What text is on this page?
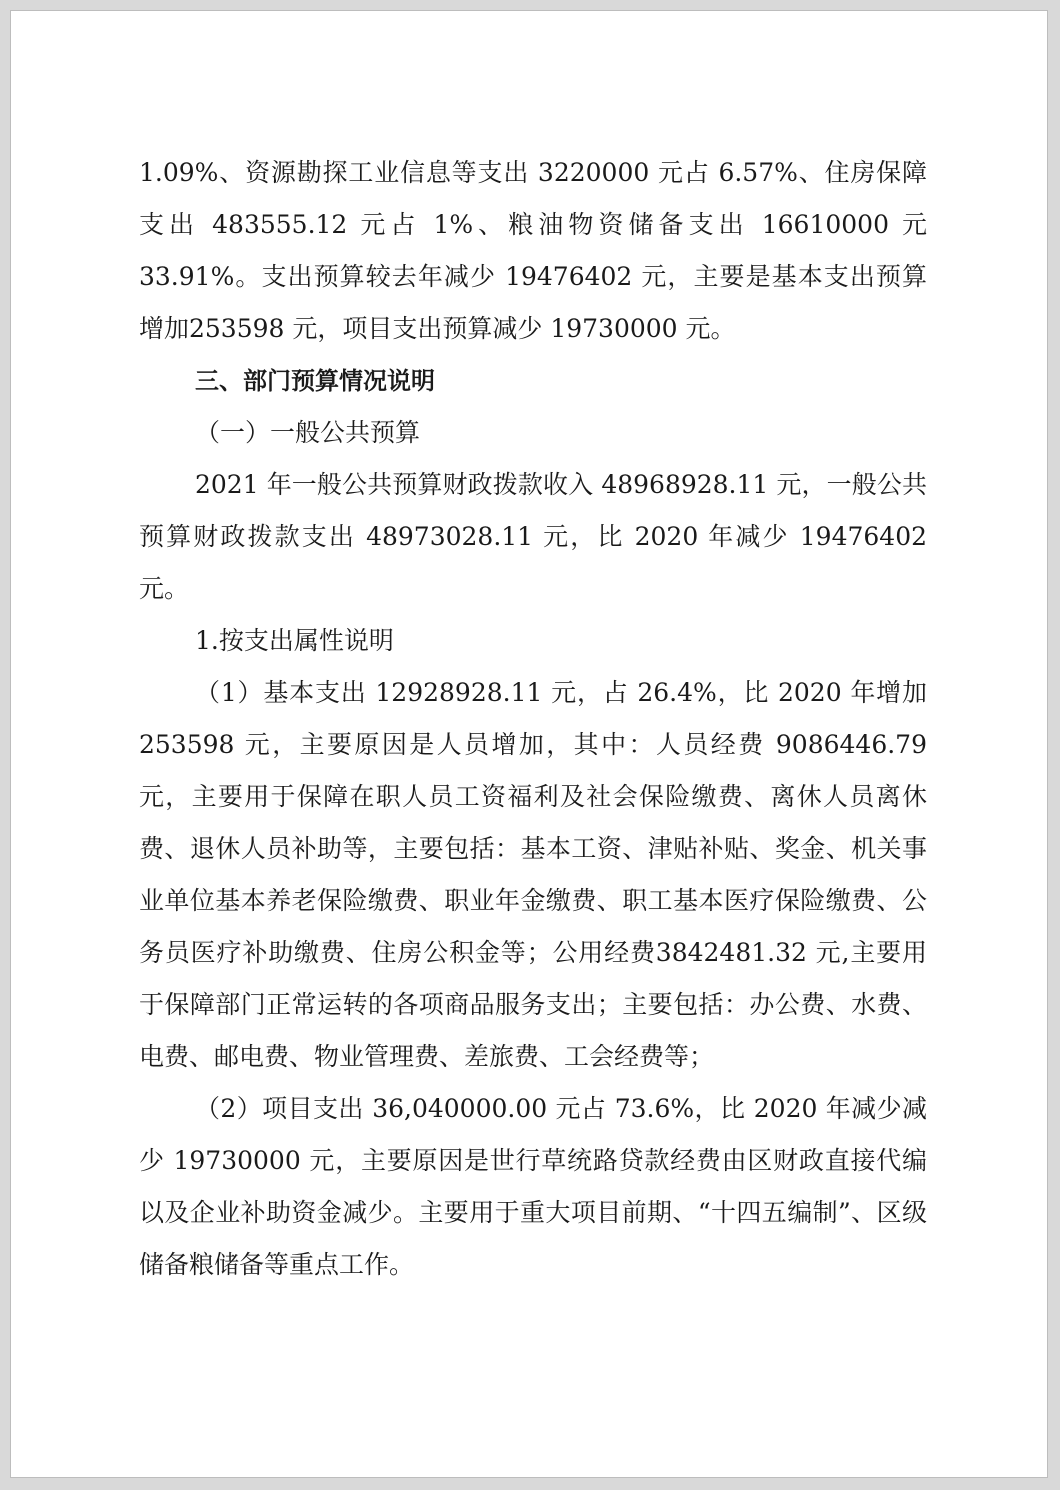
1.09%、资源勘探工业信息等支出 3220000 元占 6.57%、住房保障支出 483555.12 元占 1%、粮油物资储备支出 16610000 元 33.91%。支出预算较去年减少 19476402 元，主要是基本支出预算增加253598 元，项目支出预算减少 19730000 元。

三、部门预算情况说明

（一）一般公共预算

2021 年一般公共预算财政拨款收入 48968928.11 元，一般公共预算财政拨款支出 48973028.11 元，比 2020 年减少 19476402 元。

1.按支出属性说明

（1）基本支出 12928928.11 元，占 26.4%，比 2020 年增加253598 元，主要原因是人员增加，其中：人员经费 9086446.79 元，主要用于保障在职人员工资福利及社会保险缴费、离休人员离休费、退休人员补助等，主要包括：基本工资、津贴补贴、奖金、机关事业单位基本养老保险缴费、职业年金缴费、职工基本医疗保险缴费、公务员医疗补助缴费、住房公积金等；公用经费3842481.32 元,主要用于保障部门正常运转的各项商品服务支出；主要包括：办公费、水费、电费、邮电费、物业管理费、差旅费、工会经费等；

（2）项目支出 36,040000.00 元占 73.6%，比 2020 年减少减少 19730000 元，主要原因是世行草统路贷款经费由区财政直接代编以及企业补助资金减少。主要用于重大项目前期、“十四五编制”、区级储备粮储备等重点工作。
